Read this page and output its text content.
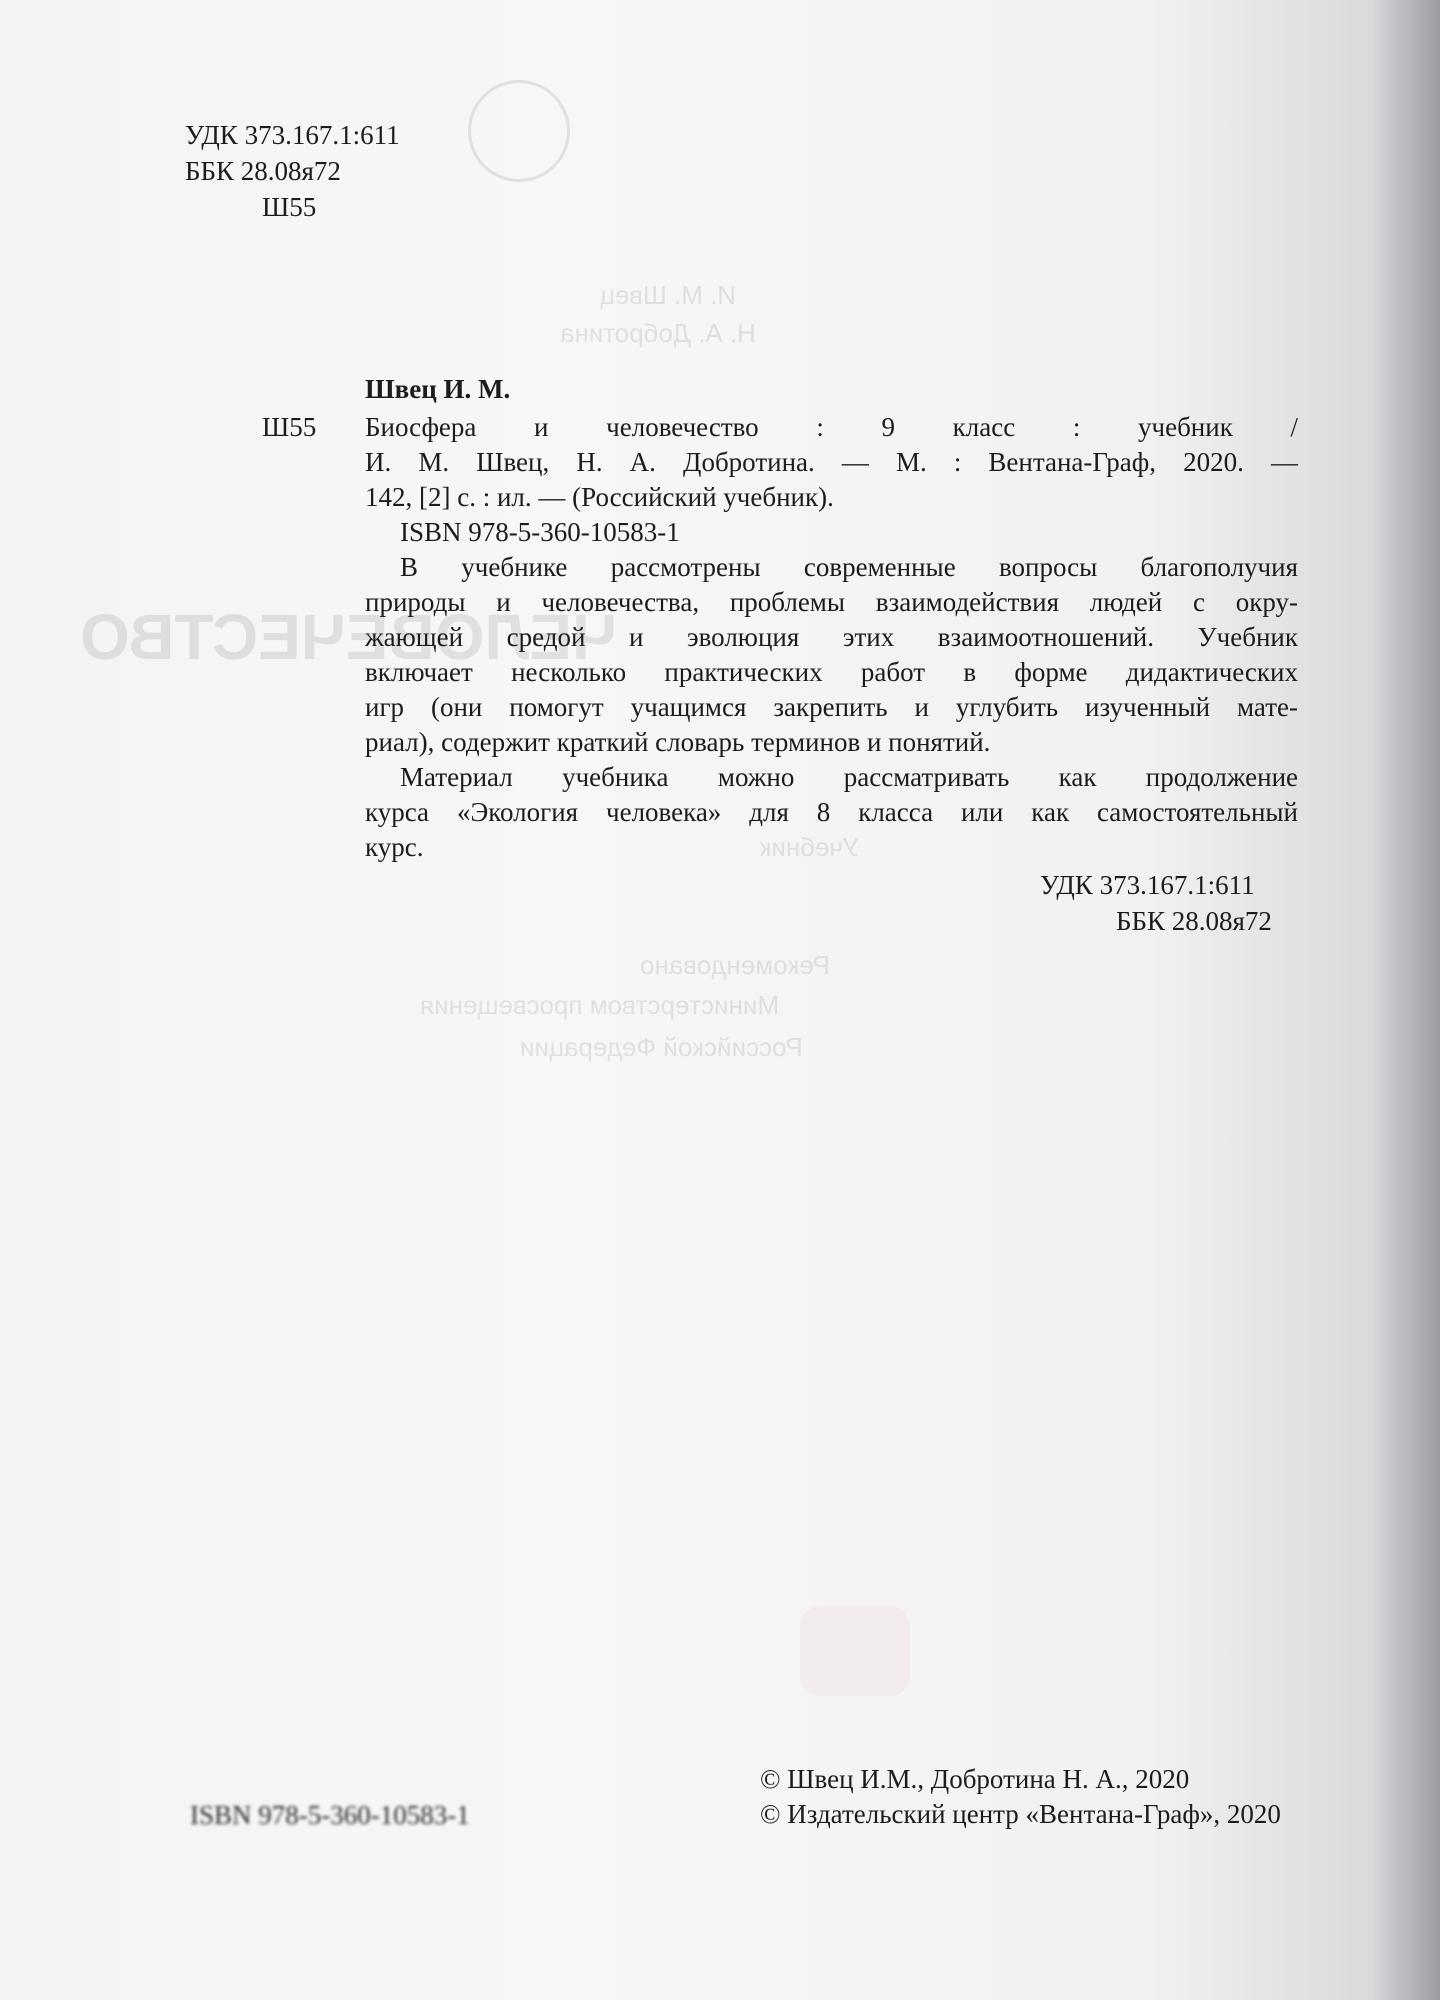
И. М. Швец
Н. А. Добротина
ЧЕЛОВЕЧЕСТВО
Учебник
Рекомендовано
Министерством просвещения
Российской Федерации
УДК 373.167.1:611
ББК 28.08я72
Ш55
Швец И. М.
Ш55 Биосфера и человечество : 9 класс : учебник /
И. М. Швец, Н. А. Добротина. — М. : Вентана-Граф, 2020. —
142, [2] с. : ил. — (Российский учебник).
ISBN 978-5-360-10583-1
В учебнике рассмотрены современные вопросы благополучия
природы и человечества, проблемы взаимодействия людей с окру-
жающей средой и эволюция этих взаимоотношений. Учебник
включает несколько практических работ в форме дидактических
игр (они помогут учащимся закрепить и углубить изученный мате-
риал), содержит краткий словарь терминов и понятий.
Материал учебника можно рассматривать как продолжение
курса «Экология человека» для 8 класса или как самостоятельный
курс.
УДК 373.167.1:611
ББК 28.08я72
ISBN 978-5-360-10583-1
© Швец И.М., Добротина Н. А., 2020
© Издательский центр «Вентана-Граф», 2020
